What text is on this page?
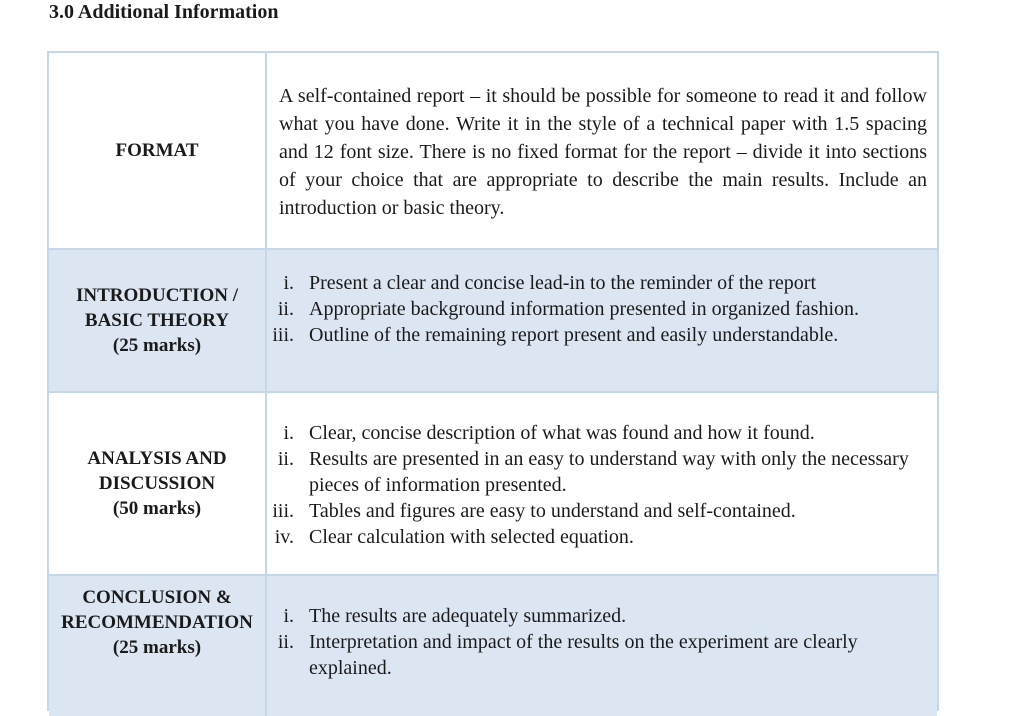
3.0 Additional Information
FORMAT

A self-contained report – it should be possible for someone to read it and follow what you have done. Write it in the style of a technical paper with 1.5 spacing and 12 font size. There is no fixed format for the report – divide it into sections of your choice that are appropriate to describe the main results. Include an introduction or basic theory.

INTRODUCTION /
BASIC THEORY
(25 marks)
i. Present a clear and concise lead-in to the reminder of the report
ii. Appropriate background information presented in organized fashion.
iii. Outline of the remaining report present and easily understandable.
ANALYSIS AND
DISCUSSION
(50 marks)
i. Clear, concise description of what was found and how it found.
ii. Results are presented in an easy to understand way with only the necessary pieces of information presented.
iii. Tables and figures are easy to understand and self-contained.
iv. Clear calculation with selected equation.
CONCLUSION &
RECOMMENDATION
(25 marks)
i. The results are adequately summarized.
ii. Interpretation and impact of the results on the experiment are clearly explained.
